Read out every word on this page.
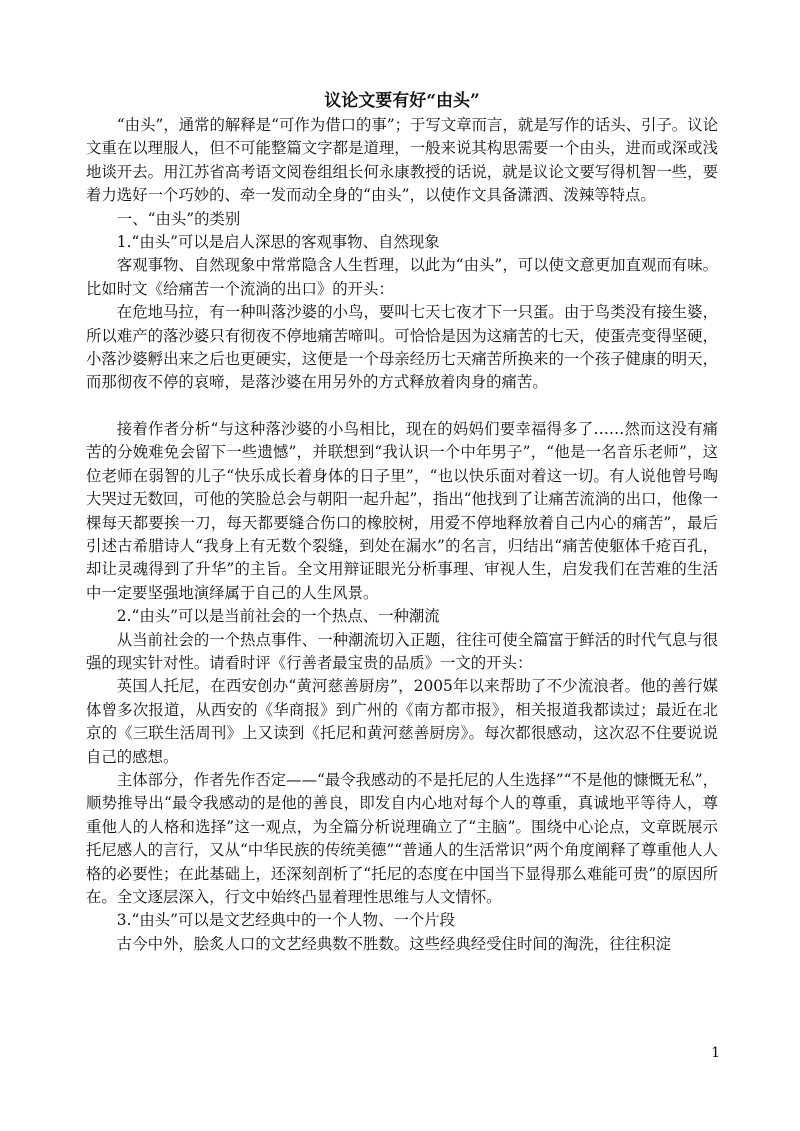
议论文要有好“由头”

“由头”，通常的解释是“可作为借口的事”；于写文章而言，就是写作的话头、引子。议论文重在以理服人，但不可能整篇文字都是道理，一般来说其构思需要一个由头，进而或深或浅地谈开去。用江苏省高考语文阅卷组组长何永康教授的话说，就是议论文要写得机智一些，要着力选好一个巧妙的、牵一发而动全身的“由头”，以使作文具备潇洒、泼辣等特点。

一、“由头”的类别

1.“由头”可以是启人深思的客观事物、自然现象

客观事物、自然现象中常常隐含人生哲理，以此为“由头”，可以使文意更加直观而有味。比如时文《给痛苦一个流淌的出口》的开头：

在危地马拉，有一种叫落沙婆的小鸟，要叫七天七夜才下一只蛋。由于鸟类没有接生婆，所以难产的落沙婆只有彻夜不停地痛苦啼叫。可恰恰是因为这痛苦的七天，使蛋壳变得坚硬，小落沙婆孵出来之后也更硬实，这便是一个母亲经历七天痛苦所换来的一个孩子健康的明天，而那彻夜不停的哀啼，是落沙婆在用另外的方式释放着肉身的痛苦。

接着作者分析“与这种落沙婆的小鸟相比，现在的妈妈们要幸福得多了……然而这没有痛苦的分娩难免会留下一些遗憾”，并联想到“我认识一个中年男子”，“他是一名音乐老师”，这位老师在弱智的儿子“快乐成长着身体的日子里”，“也以快乐面对着这一切。有人说他曾号啕大哭过无数回，可他的笑脸总会与朝阳一起升起”，指出“他找到了让痛苦流淌的出口，他像一棵每天都要挨一刀，每天都要缝合伤口的橡胶树，用爱不停地释放着自己内心的痛苦”，最后引述古希腊诗人“我身上有无数个裂缝，到处在漏水”的名言，归结出“痛苦使躯体千疮百孔，却让灵魂得到了升华”的主旨。全文用辩证眼光分析事理、审视人生，启发我们在苦难的生活中一定要坚强地演绎属于自己的人生风景。

2.“由头”可以是当前社会的一个热点、一种潮流

从当前社会的一个热点事件、一种潮流切入正题，往往可使全篇富于鲜活的时代气息与很强的现实针对性。请看时评《行善者最宝贵的品质》一文的开头：

英国人托尼，在西安创办“黄河慈善厨房”，2005年以来帮助了不少流浪者。他的善行媒体曾多次报道，从西安的《华商报》到广州的《南方都市报》，相关报道我都读过；最近在北京的《三联生活周刊》上又读到《托尼和黄河慈善厨房》。每次都很感动，这次忍不住要说说自己的感想。

主体部分，作者先作否定——“最令我感动的不是托尼的人生选择”“不是他的慷慨无私”，顺势推导出“最令我感动的是他的善良，即发自内心地对每个人的尊重，真诚地平等待人，尊重他人的人格和选择”这一观点，为全篇分析说理确立了“主脑”。围绕中心论点，文章既展示托尼感人的言行，又从“中华民族的传统美德”“普通人的生活常识”两个角度阐释了尊重他人人格的必要性；在此基础上，还深刻剖析了“托尼的态度在中国当下显得那么难能可贵”的原因所在。全文逐层深入，行文中始终凸显着理性思维与人文情怀。

3.“由头”可以是文艺经典中的一个人物、一个片段

古今中外，脍炙人口的文艺经典数不胜数。这些经典经受住时间的淘洗，往往积淀

1
